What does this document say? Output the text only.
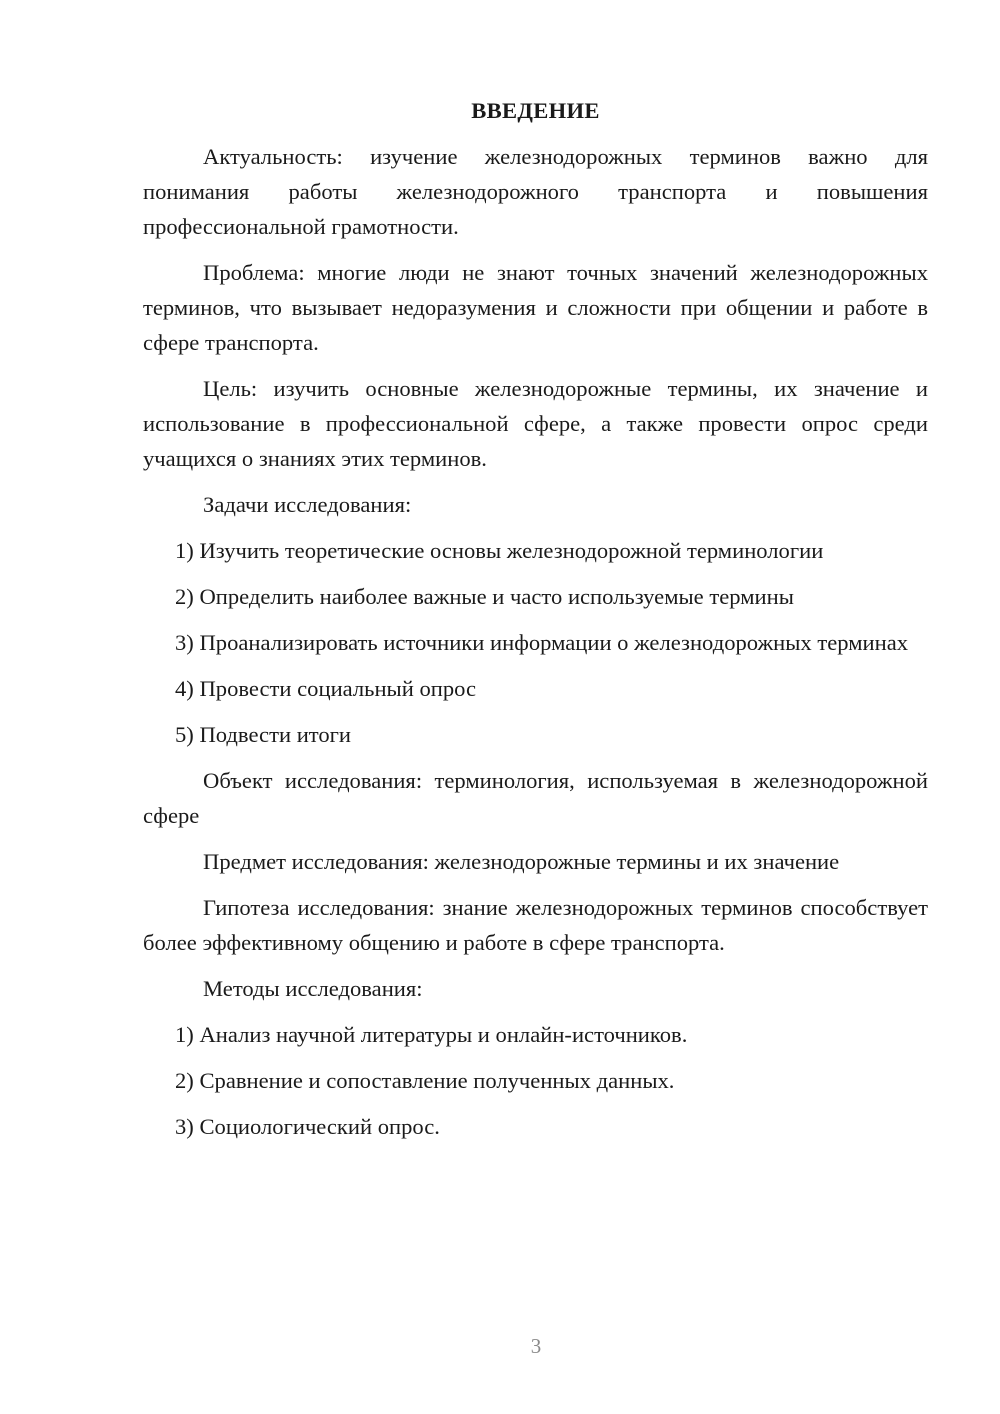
ВВЕДЕНИЕ

Актуальность: изучение железнодорожных терминов важно для понимания работы железнодорожного транспорта и повышения профессиональной грамотности.

Проблема: многие люди не знают точных значений железнодорожных терминов, что вызывает недоразумения и сложности при общении и работе в сфере транспорта.

Цель: изучить основные железнодорожные термины, их значение и использование в профессиональной сфере, а также провести опрос среди учащихся о знаниях этих терминов.

Задачи исследования:

1) Изучить теоретические основы железнодорожной терминологии

2) Определить наиболее важные и часто используемые термины

3) Проанализировать источники информации о железнодорожных терминах

4) Провести социальный опрос

5) Подвести итоги

Объект исследования: терминология, используемая в железнодорожной сфере

Предмет исследования: железнодорожные термины и их значение

Гипотеза исследования: знание железнодорожных терминов способствует более эффективному общению и работе в сфере транспорта.

Методы исследования:

1) Анализ научной литературы и онлайн-источников.

2) Сравнение и сопоставление полученных данных.

3) Социологический опрос.

3
